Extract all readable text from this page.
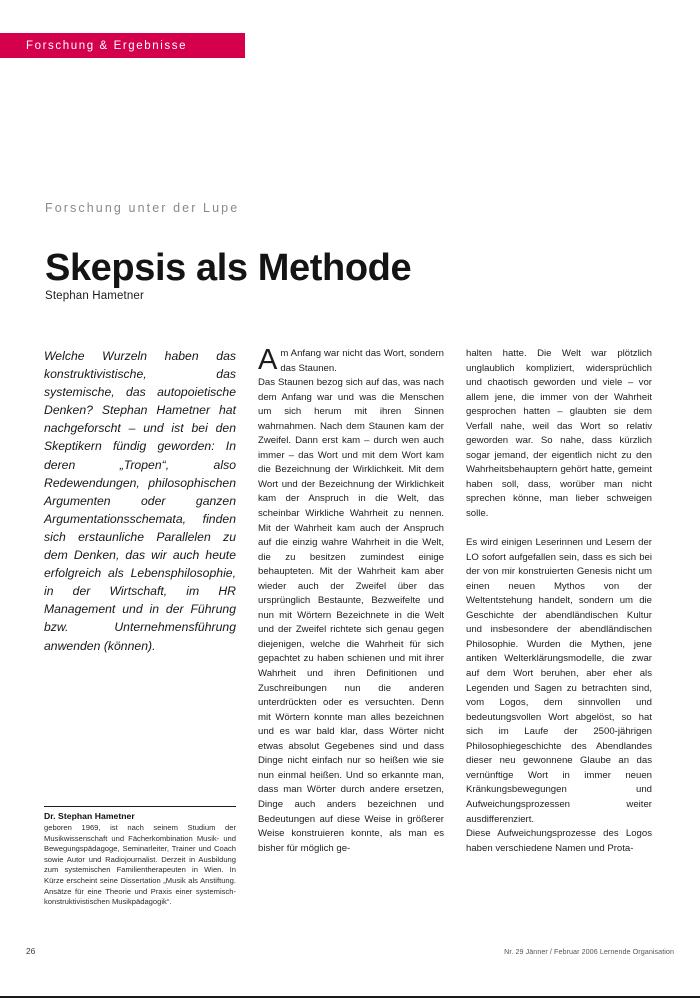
Forschung & Ergebnisse
Forschung unter der Lupe
Skepsis als Methode
Stephan Hametner

Welche Wurzeln haben das konstruktivistische, das systemische, das autopoietische Denken? Stephan Hametner hat nachgeforscht – und ist bei den Skeptikern fündig geworden: In deren „Tropen“, also Redewendungen, philosophischen Argumenten oder ganzen Argumentationsschemata, finden sich erstaunliche Parallelen zu dem Denken, das wir auch heute erfolgreich als Lebensphilosophie, in der Wirtschaft, im HR Management und in der Führung bzw. Unternehmensführung anwenden (können).

Am Anfang war nicht das Wort, sondern das Staunen.

Das Staunen bezog sich auf das, was nach dem Anfang war und was die Menschen um sich herum mit ihren Sinnen wahrnahmen. Nach dem Staunen kam der Zweifel. Dann erst kam – durch wen auch immer – das Wort und mit dem Wort kam die Bezeichnung der Wirklichkeit. Mit dem Wort und der Bezeichnung der Wirklichkeit kam der Anspruch in die Welt, das scheinbar Wirkliche Wahrheit zu nennen. Mit der Wahrheit kam auch der Anspruch auf die einzig wahre Wahrheit in die Welt, die zu besitzen zumindest einige behaupteten. Mit der Wahrheit kam aber wieder auch der Zweifel über das ursprünglich Bestaunte, Bezweifelte und nun mit Wörtern Bezeichnete in die Welt und der Zweifel richtete sich genau gegen diejenigen, welche die Wahrheit für sich gepachtet zu haben schienen und mit ihrer Wahrheit und ihren Definitionen und Zuschreibungen nun die anderen unterdrückten oder es versuchten. Denn mit Wörtern konnte man alles bezeichnen und es war bald klar, dass Wörter nicht etwas absolut Gegebenes sind und dass Dinge nicht einfach nur so heißen wie sie nun einmal heißen. Und so erkannte man, dass man Wörter durch andere ersetzen, Dinge auch anders bezeichnen und Bedeutungen auf diese Weise in größerer Weise konstruieren konnte, als man es bisher für möglich ge-

halten hatte. Die Welt war plötzlich unglaublich kompliziert, widersprüchlich und chaotisch geworden und viele – vor allem jene, die immer von der Wahrheit gesprochen hatten – glaubten sie dem Verfall nahe, weil das Wort so relativ geworden war. So nahe, dass kürzlich sogar jemand, der eigentlich nicht zu den Wahrheitsbehauptern gehört hatte, gemeint haben soll, dass, worüber man nicht sprechen könne, man lieber schweigen solle.

Es wird einigen Leserinnen und Lesern der LO sofort aufgefallen sein, dass es sich bei der von mir konstruierten Genesis nicht um einen neuen Mythos von der Weltentstehung handelt, sondern um die Geschichte der abendländischen Kultur und insbesondere der abendländischen Philosophie. Wurden die Mythen, jene antiken Welterklärungsmodelle, die zwar auf dem Wort beruhen, aber eher als Legenden und Sagen zu betrachten sind, vom Logos, dem sinnvollen und bedeutungsvollen Wort abgelöst, so hat sich im Laufe der 2500-jährigen Philosophiegeschichte des Abendlandes dieser neu gewonnene Glaube an das vernünftige Wort in immer neuen Kränkungsbewegungen und Aufweichungsprozessen weiter ausdifferenziert.

Diese Aufweichungsprozesse des Logos haben verschiedene Namen und Prota-

Dr. Stephan Hametner
geboren 1969, ist nach seinem Studium der Musikwissenschaft und Fächerkombination Musik- und Bewegungspädagoge, Seminarleiter, Trainer und Coach sowie Autor und Radiojournalist. Derzeit in Ausbildung zum systemischen Familientherapeuten in Wien. In Kürze erscheint seine Dissertation „Musik als Anstiftung. Ansätze für eine Theorie und Praxis einer systemisch-konstruktivistischen Musikpädagogik“.
26	Nr. 29 Jänner / Februar 2006 Lernende Organisation
